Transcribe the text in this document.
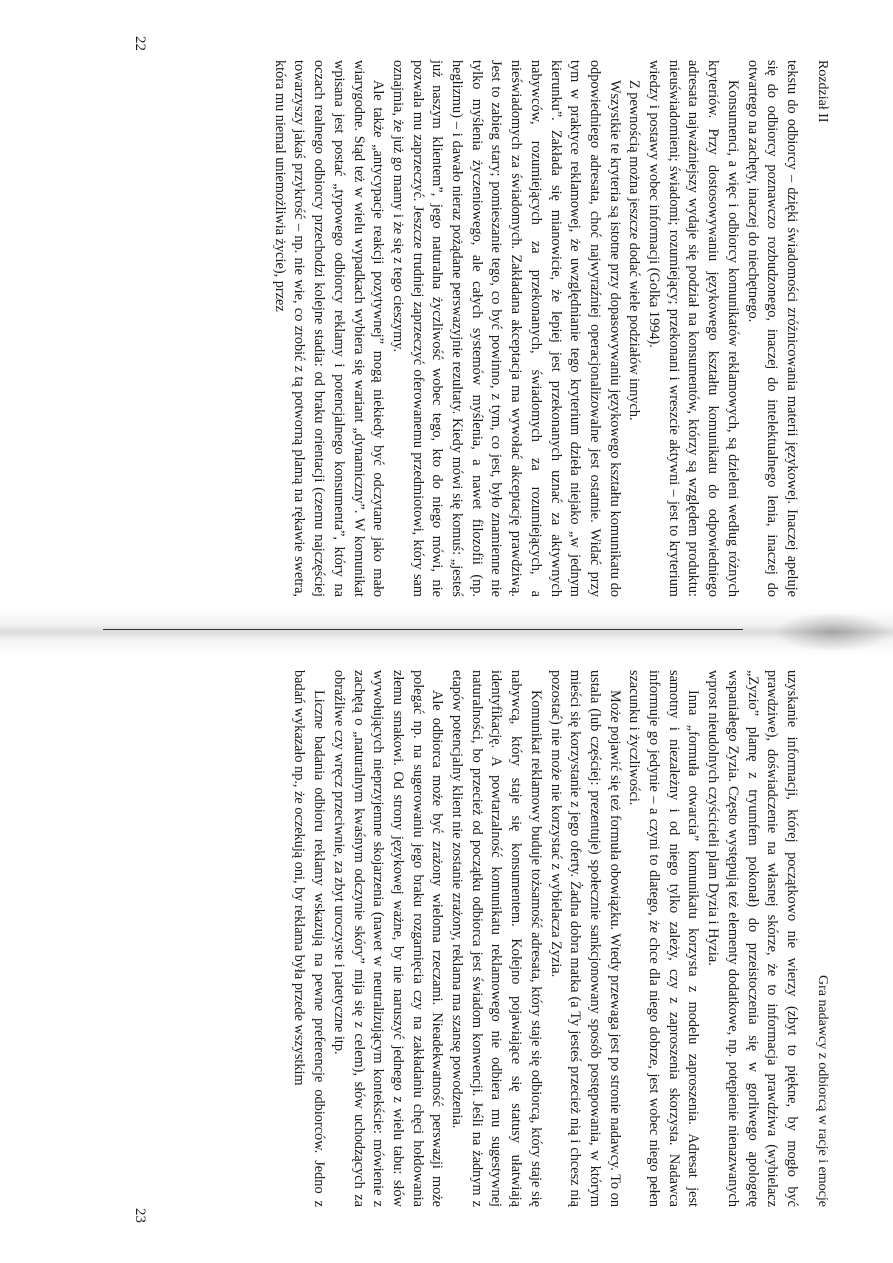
Rozdział II

tekstu do odbiorcy – dzięki świadomości zróżnicowania materii językowej. Inaczej apeluje się do odbiorcy poznawczo rozbudzonego, inaczej do intelektualnego lenia, inaczej do otwartego na zachęty, inaczej do niechętnego.

Konsumenci, a więc i odbiorcy komunikatów reklamowych, są dzieleni według różnych kryteriów. Przy dostosowywaniu językowego kształtu komunikatu do odpowiedniego adresata najważniejszy wydaje się podział na konsumentów, którzy są względem produktu: nieuświadomieni; świadomi; rozumiejący; przekonani i wreszcie aktywni – jest to kryterium wiedzy i postawy wobec informacji (Golka 1994).

Z pewnością można jeszcze dodać wiele podziałów innych.

Wszystkie te kryteria są istotne przy dopasowywaniu językowego kształtu komunikatu do odpowiedniego adresata, choć najwyraźniej operacjonalizowalne jest ostatnie. Widać przy tym w praktyce reklamowej, że uwzględnianie tego kryterium dzieła niejako „w jednym kierunku”. Zakłada się mianowicie, że lepiej jest przekonanych uznać za aktywnych nabywców, rozumiejących za przekonanych, świadomych za rozumiejących, a nieświadomych za świadomych. Zakładana akceptacja ma wywołać akceptację prawdziwą. Jest to zabieg stary; pomieszanie tego, co być powinno, z tym, co jest, było znamienne nie tylko myślenia życzeniowego, ale całych systemów myślenia, a nawet filozofii (np. heglizmu) – i dawało nieraz pożądane perswazyjnie rezultaty. Kiedy mówi się komuś: „jesteś już naszym klientem”, jego naturalna życzliwość wobec tego, kto do niego mówi, nie pozwala mu zaprzeczyć. Jeszcze trudniej zaprzeczyć oferowanemu przedmiotowi, który sam oznajmia, że już go mamy i że się z tego cieszymy.

Ale także „antycypacje reakcji pozytywnej” mogą niekiedy być odczytane jako mało wiarygodne. Stąd też w wielu wypadkach wybiera się wariant „dynamiczny”. W komunikat wpisana jest postać „typowego odbiorcy reklamy i potencjalnego konsumenta”, który na oczach realnego odbiorcy przechodzi kolejne stadia: od braku orientacji (czemu najczęściej towarzyszy jakaś przykrość – np. nie wie, co zrobić z tą potworną plamą na rękawie swetra, która mu niemal uniemożliwia życie), przez

22
Gra nadawcy z odbiorcą w racje i emocje

uzyskanie informacji, której początkowo nie wierzy (zbyt to piękne, by mogło być prawdziwe), doświadczenie na własnej skórze, że to informacja prawdziwa (wybielacz „Zyzio” plamę z tryumfem pokonał) do przeistoczenia się w gorliwego apologetę wspaniałego Zyzia. Często występują też elementy dodatkowe, np. potępienie nienazwanych wprost nieudolnych czyścicieli plam Dyzia i Hyzia.

Inna „formuła otwarcia” komunikatu korzysta z modelu zaproszenia. Adresat jest samotny i niezależny i od niego tylko zależy, czy z zaproszenia skorzysta. Nadawca informuje go jedynie – a czyni to dlatego, że chce dla niego dobrze, jest wobec niego pełen szacunku i życzliwości.

Może pojawić się też formuła obowiązku. Wtedy przewaga jest po stronie nadawcy. To on ustala (lub częściej: prezentuje) społecznie sankcjonowany sposób postępowania, w którym mieści się korzystanie z jego oferty. Żadna dobra matka (a Ty jesteś przecież nią i chcesz nią pozostać) nie może nie korzystać z wybielacza Zyzia.

Komunikat reklamowy buduje tożsamość adresata, który staje się odbiorcą, który staje się nabywcą, który staje się konsumentem. Kolejno pojawiające się statusy ułatwiają identyfikację. A powtarzalność komunikatu reklamowego nie odbiera mu sugestywnej naturalności, bo przecież od początku odbiorca jest świadom konwencji. Jeśli na żadnym z etapów potencjalny klient nie zostanie zrażony, reklama ma szansę powodzenia.

Ale odbiorca może być zrażony wieloma rzeczami. Nieadekwatność perswazji może polegać np. na sugerowaniu jego braku rozgarnięcia czy na zakładaniu chęci hołdowania złemu smakowi. Od strony językowej ważne, by nie naruszyć jednego z wielu tabu: słów wywołujących nieprzyjemne skojarzenia (nawet w neutralizującym kontekście: mówienie z zachętą o „naturalnym kwaśnym odczynie skóry” mija się z celem), słów uchodzących za obraźliwe czy wręcz przeciwnie, za zbyt uroczyste i patetyczne itp.

Liczne badania odbioru reklamy wskazują na pewne preferencje odbiorców. Jedno z badań wykazało np., że oczekują oni, by reklama była przede wszystkim

23
